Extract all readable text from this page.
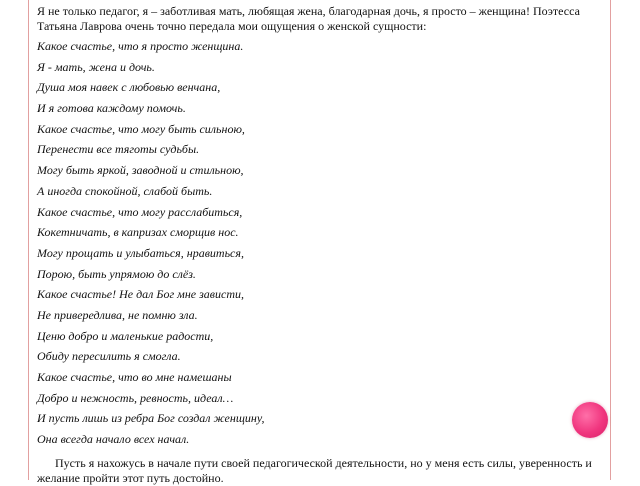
Я не только педагог, я – заботливая мать, любящая жена, благодарная дочь, я просто – женщина! Поэтесса Татьяна Лаврова очень точно передала мои ощущения о женской сущности:

Какое счастье, что я просто женщина.
Я - мать, жена и дочь.
Душа моя навек с любовью венчана,
И я готова каждому помочь.
Какое счастье, что могу быть сильною,
Перенести все тяготы судьбы.
Могу быть яркой, заводной и стильною,
А иногда спокойной, слабой быть.
Какое счастье, что могу расслабиться,
Кокетничать, в капризах сморщив нос.
Могу прощать и улыбаться, нравиться,
Порою, быть упрямою до слёз.
Какое счастье! Не дал Бог мне зависти,
Не привередлива, не помню зла.
Ценю добро и маленькие радости,
Обиду пересилить я смогла.
Какое счастье, что во мне намешаны
Добро и нежность, ревность, идеал…
И пусть лишь из ребра Бог создал женщину,
Она всегда начало всех начал.

Пусть я нахожусь в начале пути своей педагогической деятельности, но у меня есть силы, уверенность и желание пройти этот путь достойно.
